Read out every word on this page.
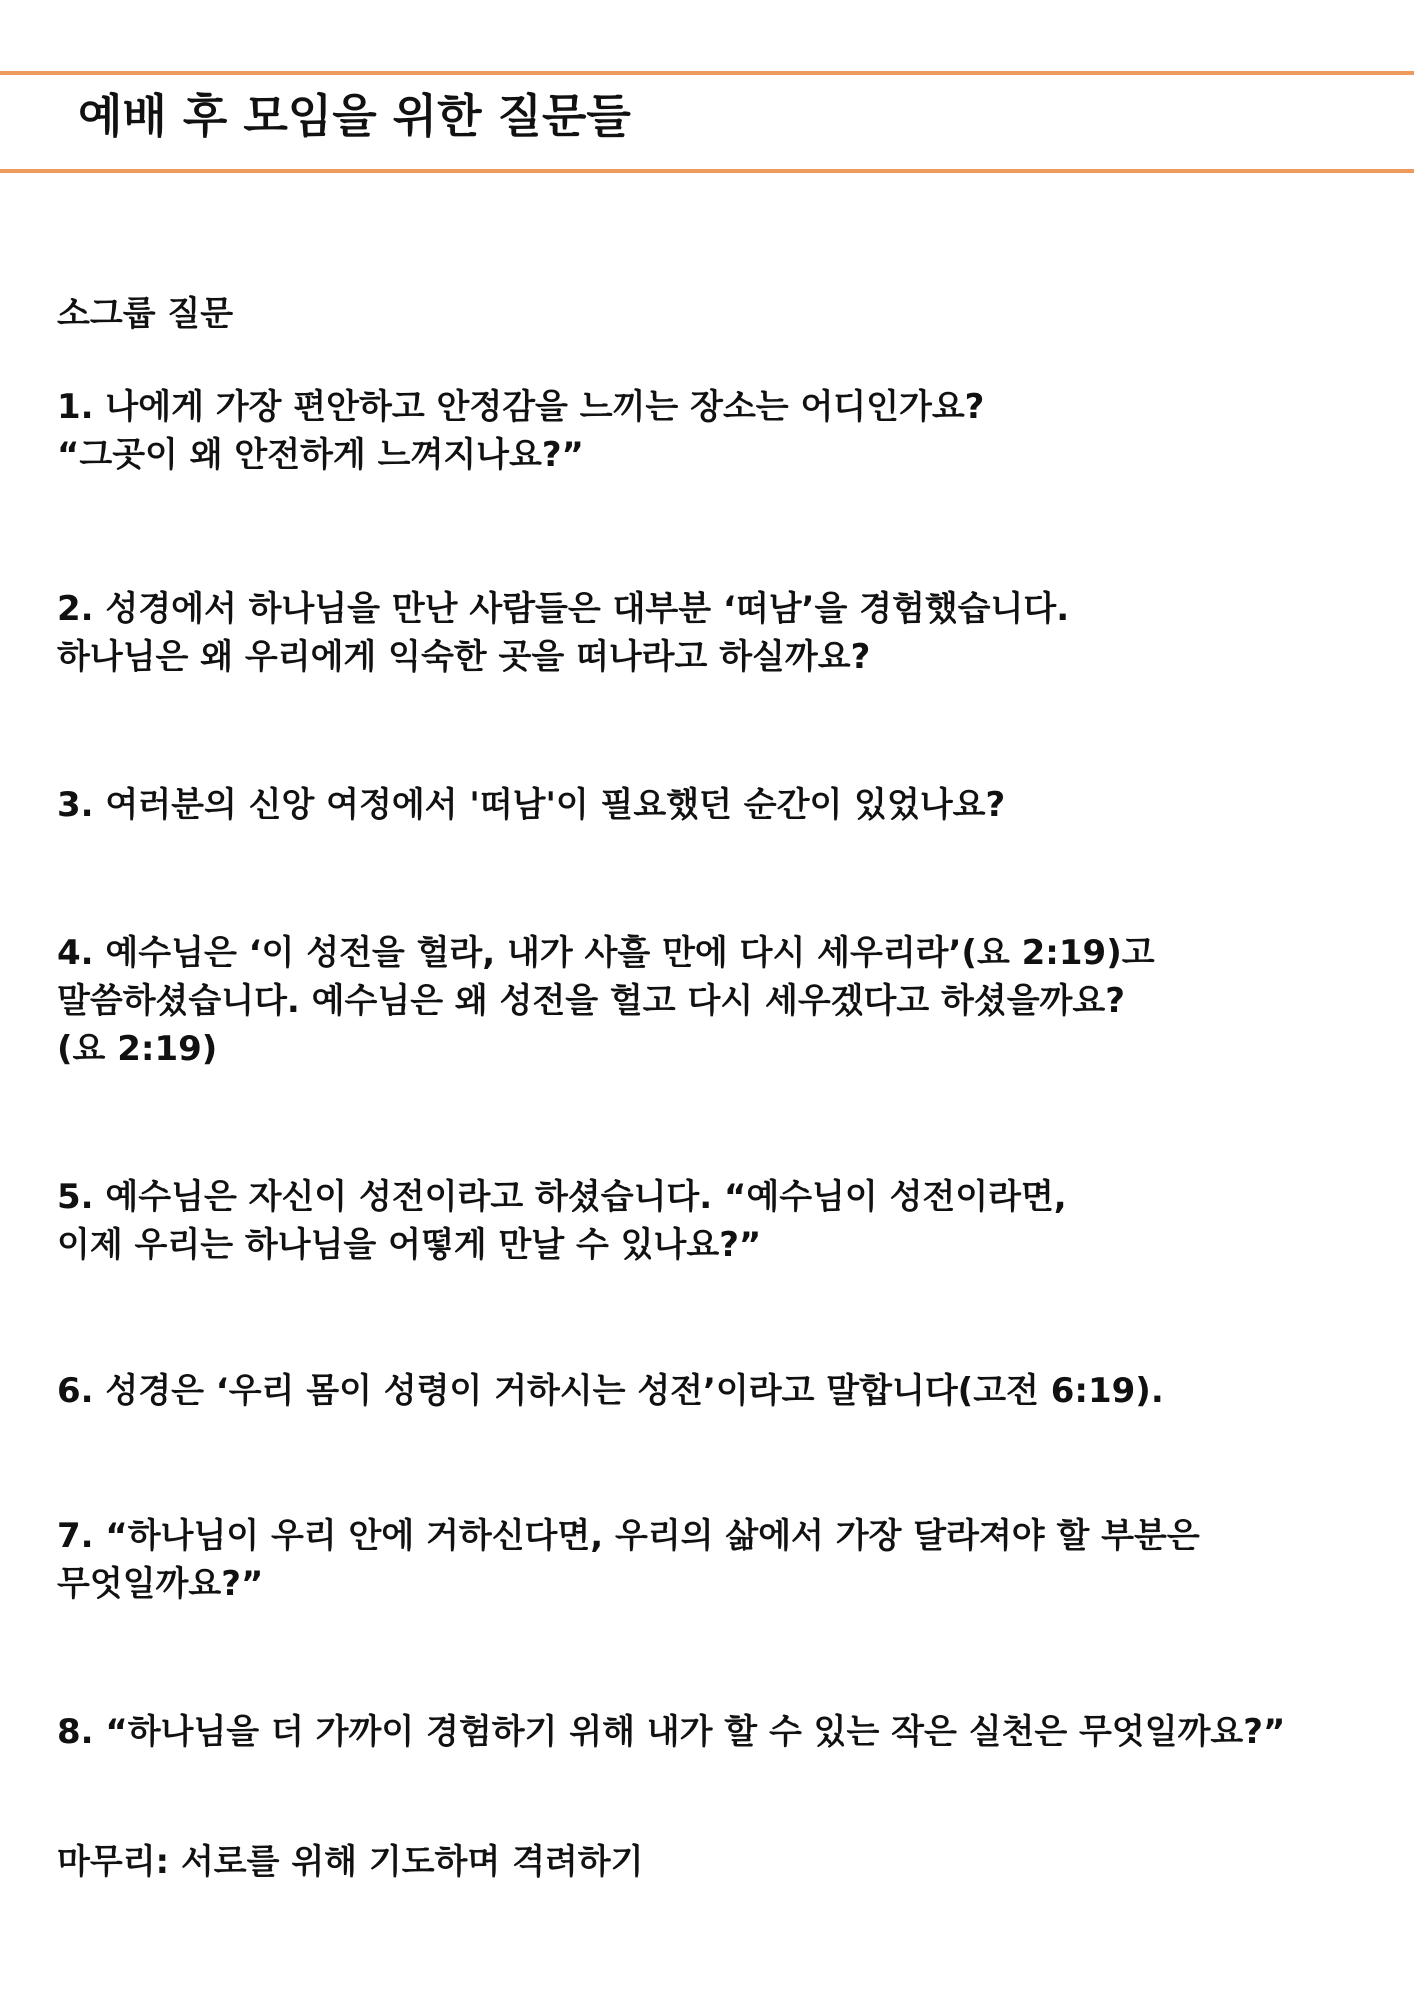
예배 후 모임을 위한 질문들

소그룹 질문

1. 나에게 가장 편안하고 안정감을 느끼는 장소는 어디인가요?

“그곳이 왜 안전하게 느껴지나요?”

2. 성경에서 하나님을 만난 사람들은 대부분 ‘떠남’을 경험했습니다.

하나님은 왜 우리에게 익숙한 곳을 떠나라고 하실까요?

3. 여러분의 신앙 여정에서 '떠남'이 필요했던 순간이 있었나요?

4. 예수님은 ‘이 성전을 헐라, 내가 사흘 만에 다시 세우리라’(요 2:19)고

말씀하셨습니다. 예수님은 왜 성전을 헐고 다시 세우겠다고 하셨을까요?

(요 2:19)

5. 예수님은 자신이 성전이라고 하셨습니다. “예수님이 성전이라면,

이제 우리는 하나님을 어떻게 만날 수 있나요?”

6. 성경은 ‘우리 몸이 성령이 거하시는 성전’이라고 말합니다(고전 6:19).

7. “하나님이 우리 안에 거하신다면, 우리의 삶에서 가장 달라져야 할 부분은

무엇일까요?”

8. “하나님을 더 가까이 경험하기 위해 내가 할 수 있는 작은 실천은 무엇일까요?”

마무리: 서로를 위해 기도하며 격려하기
